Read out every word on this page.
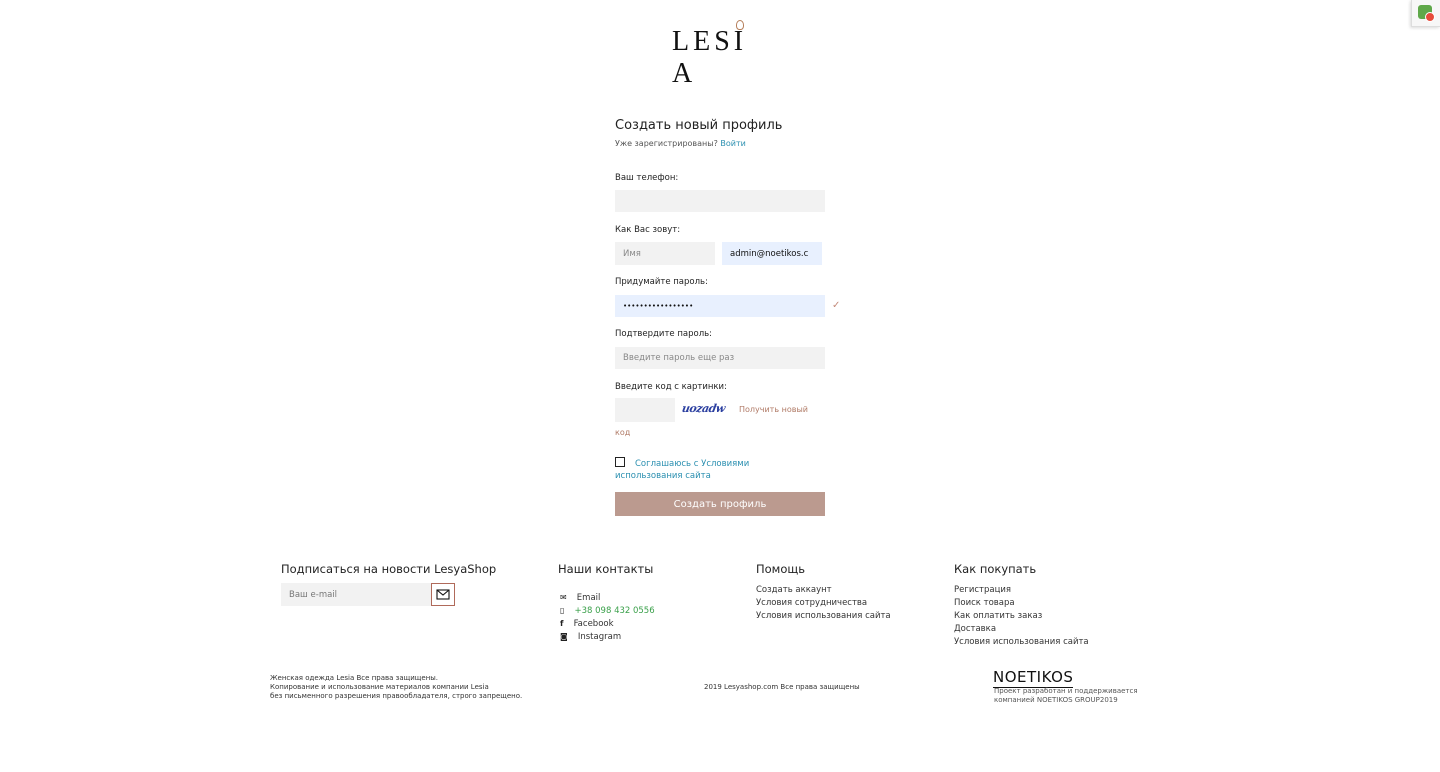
LESIA
Создать новый профиль
Уже зарегистрированы? Войти
Ваш телефон:
Как Вас зовут:
Имя
admin@noetikos.c
Придумайте пароль:
•••••••••••••••••
✓
Подтвердите пароль:
Введите пароль еще раз
Введите код с картинки:
uozadw Получить новый
код
Соглашаюсь с Условиями использования сайта
Создать профиль
Подписаться на новости LesyaShop
Ваш e-mail	Наши контакты
✉ Email
▯ +38 098 432 0556
f Facebook
◙ Instagram
Помощь
Создать аккаунт
Условия сотрудничества
Условия использования сайта
Как покупать
Регистрация
Поиск товара
Как оплатить заказ
Доставка
Условия использования сайта
Женская одежда Lesia Все права защищены.
Копирование и использование материалов компании Lesia
без письменного разрешения правообладателя, строго запрещено.
2019 Lesyashop.com Все права защищены
NOETIKOS
Проект разработан и поддерживается
компанией NOETIKOS GROUP2019
